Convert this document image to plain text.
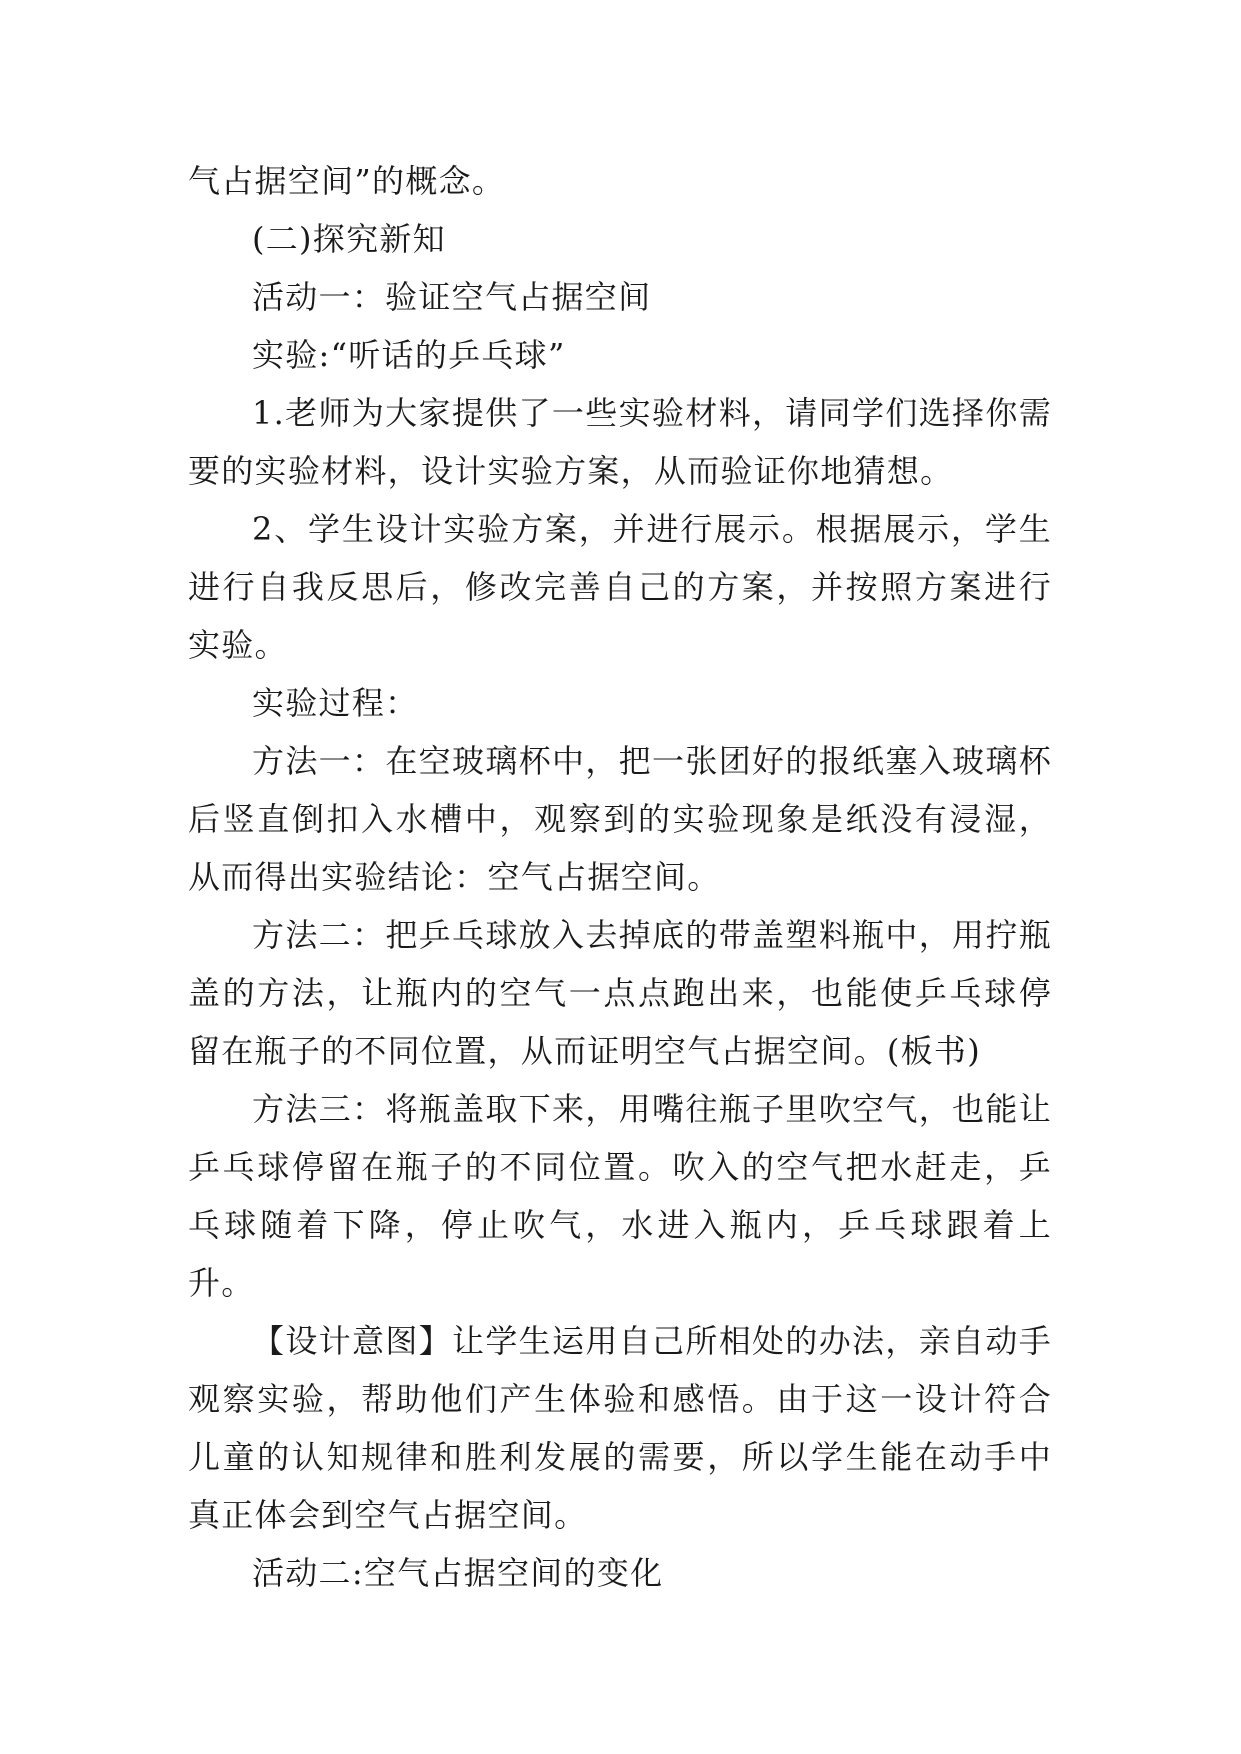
气占据空间”的概念。

(二)探究新知

活动一：验证空气占据空间

实验:“听话的乒乓球”

1.老师为大家提供了一些实验材料，请同学们选择你需要的实验材料，设计实验方案，从而验证你地猜想。

2、学生设计实验方案，并进行展示。根据展示，学生进行自我反思后，修改完善自己的方案，并按照方案进行实验。

实验过程：

方法一：在空玻璃杯中，把一张团好的报纸塞入玻璃杯后竖直倒扣入水槽中，观察到的实验现象是纸没有浸湿，从而得出实验结论：空气占据空间。

方法二：把乒乓球放入去掉底的带盖塑料瓶中，用拧瓶盖的方法，让瓶内的空气一点点跑出来，也能使乒乓球停留在瓶子的不同位置，从而证明空气占据空间。(板书)

方法三：将瓶盖取下来，用嘴往瓶子里吹空气，也能让乒乓球停留在瓶子的不同位置。吹入的空气把水赶走，乒乓球随着下降，停止吹气，水进入瓶内，乒乓球跟着上升。

【设计意图】让学生运用自己所相处的办法，亲自动手观察实验，帮助他们产生体验和感悟。由于这一设计符合儿童的认知规律和胜利发展的需要，所以学生能在动手中真正体会到空气占据空间。

活动二:空气占据空间的变化
